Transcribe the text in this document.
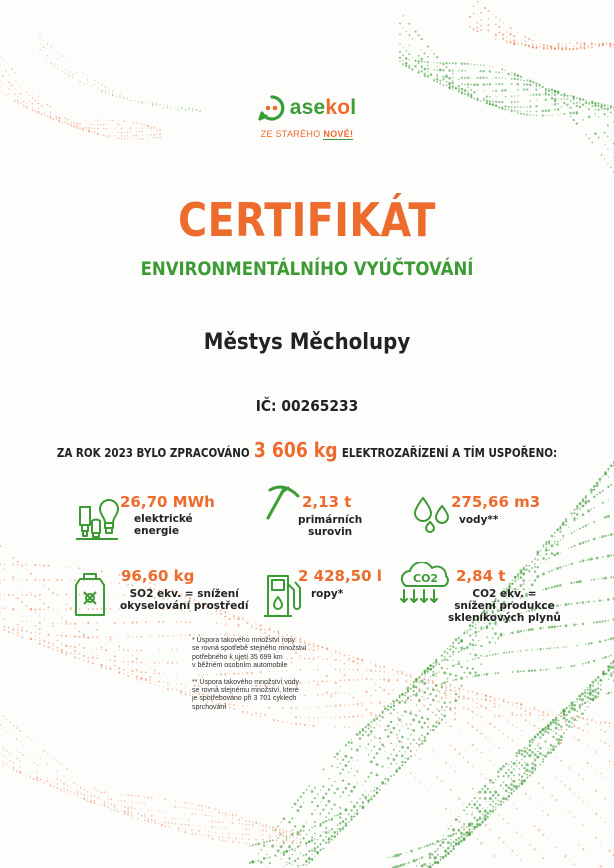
asekol
ZE STARÉHO NOVÉ!
CERTIFIKÁT
ENVIRONMENTÁLNÍHO VYÚČTOVÁNÍ
Městys Měcholupy
IČ: 00265233
ZA ROK 2023 BYLO ZPRACOVÁNO 3 606 kg ELEKTROZAŘÍZENÍ A TÍM USPOŘENO:
26,70 MWh
elektrické
energie
2,13 t
primárních
surovin
275,66 m3
vody**
96,60 kg
SO2 ekv. = snížení
okyselování prostředí
2 428,50 l
ropy*
CO2 2,84 t
CO2 ekv. =
snížení produkce
skleníkových plynů

* Úspora takového množství ropy
se rovná spotřebě stejného množství
potřebného k ujetí 35 699 km
v běžném osobním automobile

** Úspora takového množství vody
se rovná stejnému množství, které
je spotřebováno při 3 701 cyklech
sprchování
